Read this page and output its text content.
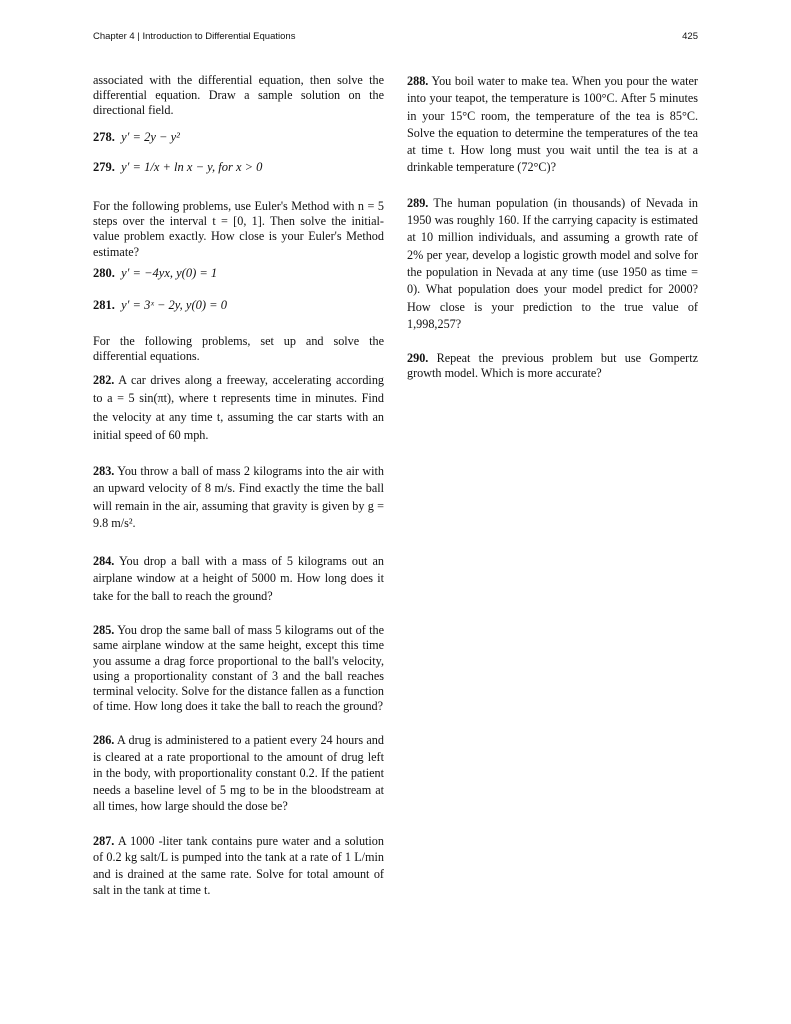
Chapter 4 | Introduction to Differential Equations	425

associated with the differential equation, then solve the differential equation. Draw a sample solution on the directional field.

278. y′ = 2y − y²

279. y′ = 1/x + ln x − y, for x > 0

For the following problems, use Euler's Method with n = 5 steps over the interval t = [0, 1]. Then solve the initial-value problem exactly. How close is your Euler's Method estimate?

280. y′ = −4yx, y(0) = 1

281. y′ = 3ˣ − 2y, y(0) = 0

For the following problems, set up and solve the differential equations.

282. A car drives along a freeway, accelerating according to a = 5 sin(πt), where t represents time in minutes. Find the velocity at any time t, assuming the car starts with an initial speed of 60 mph.

283. You throw a ball of mass 2 kilograms into the air with an upward velocity of 8 m/s. Find exactly the time the ball will remain in the air, assuming that gravity is given by g = 9.8 m/s².

284. You drop a ball with a mass of 5 kilograms out an airplane window at a height of 5000 m. How long does it take for the ball to reach the ground?

285. You drop the same ball of mass 5 kilograms out of the same airplane window at the same height, except this time you assume a drag force proportional to the ball's velocity, using a proportionality constant of 3 and the ball reaches terminal velocity. Solve for the distance fallen as a function of time. How long does it take the ball to reach the ground?

286. A drug is administered to a patient every 24 hours and is cleared at a rate proportional to the amount of drug left in the body, with proportionality constant 0.2. If the patient needs a baseline level of 5 mg to be in the bloodstream at all times, how large should the dose be?

287. A 1000 -liter tank contains pure water and a solution of 0.2 kg salt/L is pumped into the tank at a rate of 1 L/min and is drained at the same rate. Solve for total amount of salt in the tank at time t.

288. You boil water to make tea. When you pour the water into your teapot, the temperature is 100°C. After 5 minutes in your 15°C room, the temperature of the tea is 85°C. Solve the equation to determine the temperatures of the tea at time t. How long must you wait until the tea is at a drinkable temperature (72°C)?

289. The human population (in thousands) of Nevada in 1950 was roughly 160. If the carrying capacity is estimated at 10 million individuals, and assuming a growth rate of 2% per year, develop a logistic growth model and solve for the population in Nevada at any time (use 1950 as time = 0). What population does your model predict for 2000? How close is your prediction to the true value of 1,998,257?

290. Repeat the previous problem but use Gompertz growth model. Which is more accurate?
